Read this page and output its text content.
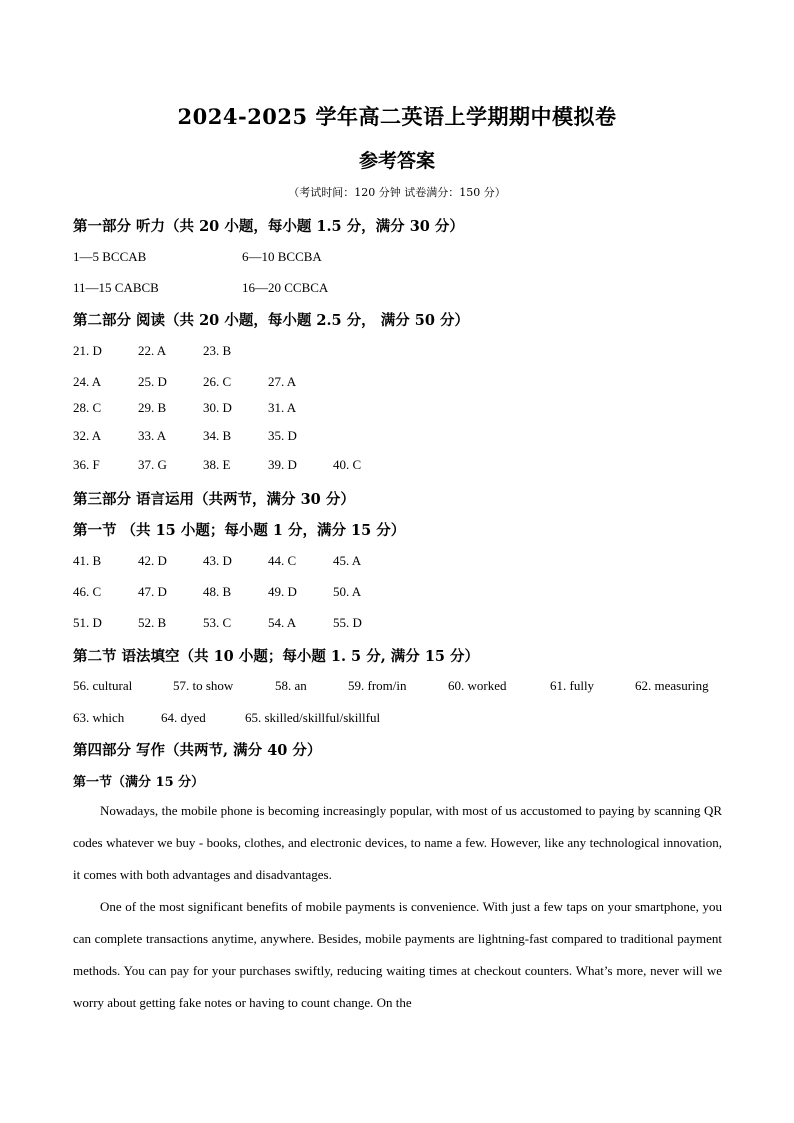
2024-2025 学年高二英语上学期期中模拟卷
参考答案
（考试时间：120 分钟 试卷满分：150 分）
第一部分 听力（共 20 小题，每小题 1.5 分，满分 30 分）
1—5 BCCAB	6—10 BCCBA
11—15 CABCB	16—20 CCBCA
第二部分 阅读（共 20 小题，每小题 2.5 分， 满分 50 分）
21. D	22. A	23. B
24. A	25. D	26. C	27. A
28. C	29. B	30. D	31. A
32. A	33. A	34. B	35. D
36. F	37. G	38. E	39. D	40. C
第三部分 语言运用（共两节，满分 30 分）
第一节 （共 15 小题；每小题 1 分，满分 15 分）
41. B	42. D	43. D	44. C	45. A
46. C	47. D	48. B	49. D	50. A
51. D	52. B	53. C	54. A	55. D
第二节 语法填空（共 10 小题；每小题 1. 5 分, 满分 15 分）
56. cultural	57. to show	58. an	59. from/in	60. worked	61. fully	62. measuring
63. which	64. dyed	65. skilled/skillful/skillful
第四部分 写作（共两节, 满分 40 分）
第一节（满分 15 分）

Nowadays, the mobile phone is becoming increasingly popular, with most of us accustomed to paying by scanning QR codes whatever we buy - books, clothes, and electronic devices, to name a few. However, like any technological innovation, it comes with both advantages and disadvantages.

One of the most significant benefits of mobile payments is convenience. With just a few taps on your smartphone, you can complete transactions anytime, anywhere. Besides, mobile payments are lightning-fast compared to traditional payment methods. You can pay for your purchases swiftly, reducing waiting times at checkout counters. What’s more, never will we worry about getting fake notes or having to count change. On the
